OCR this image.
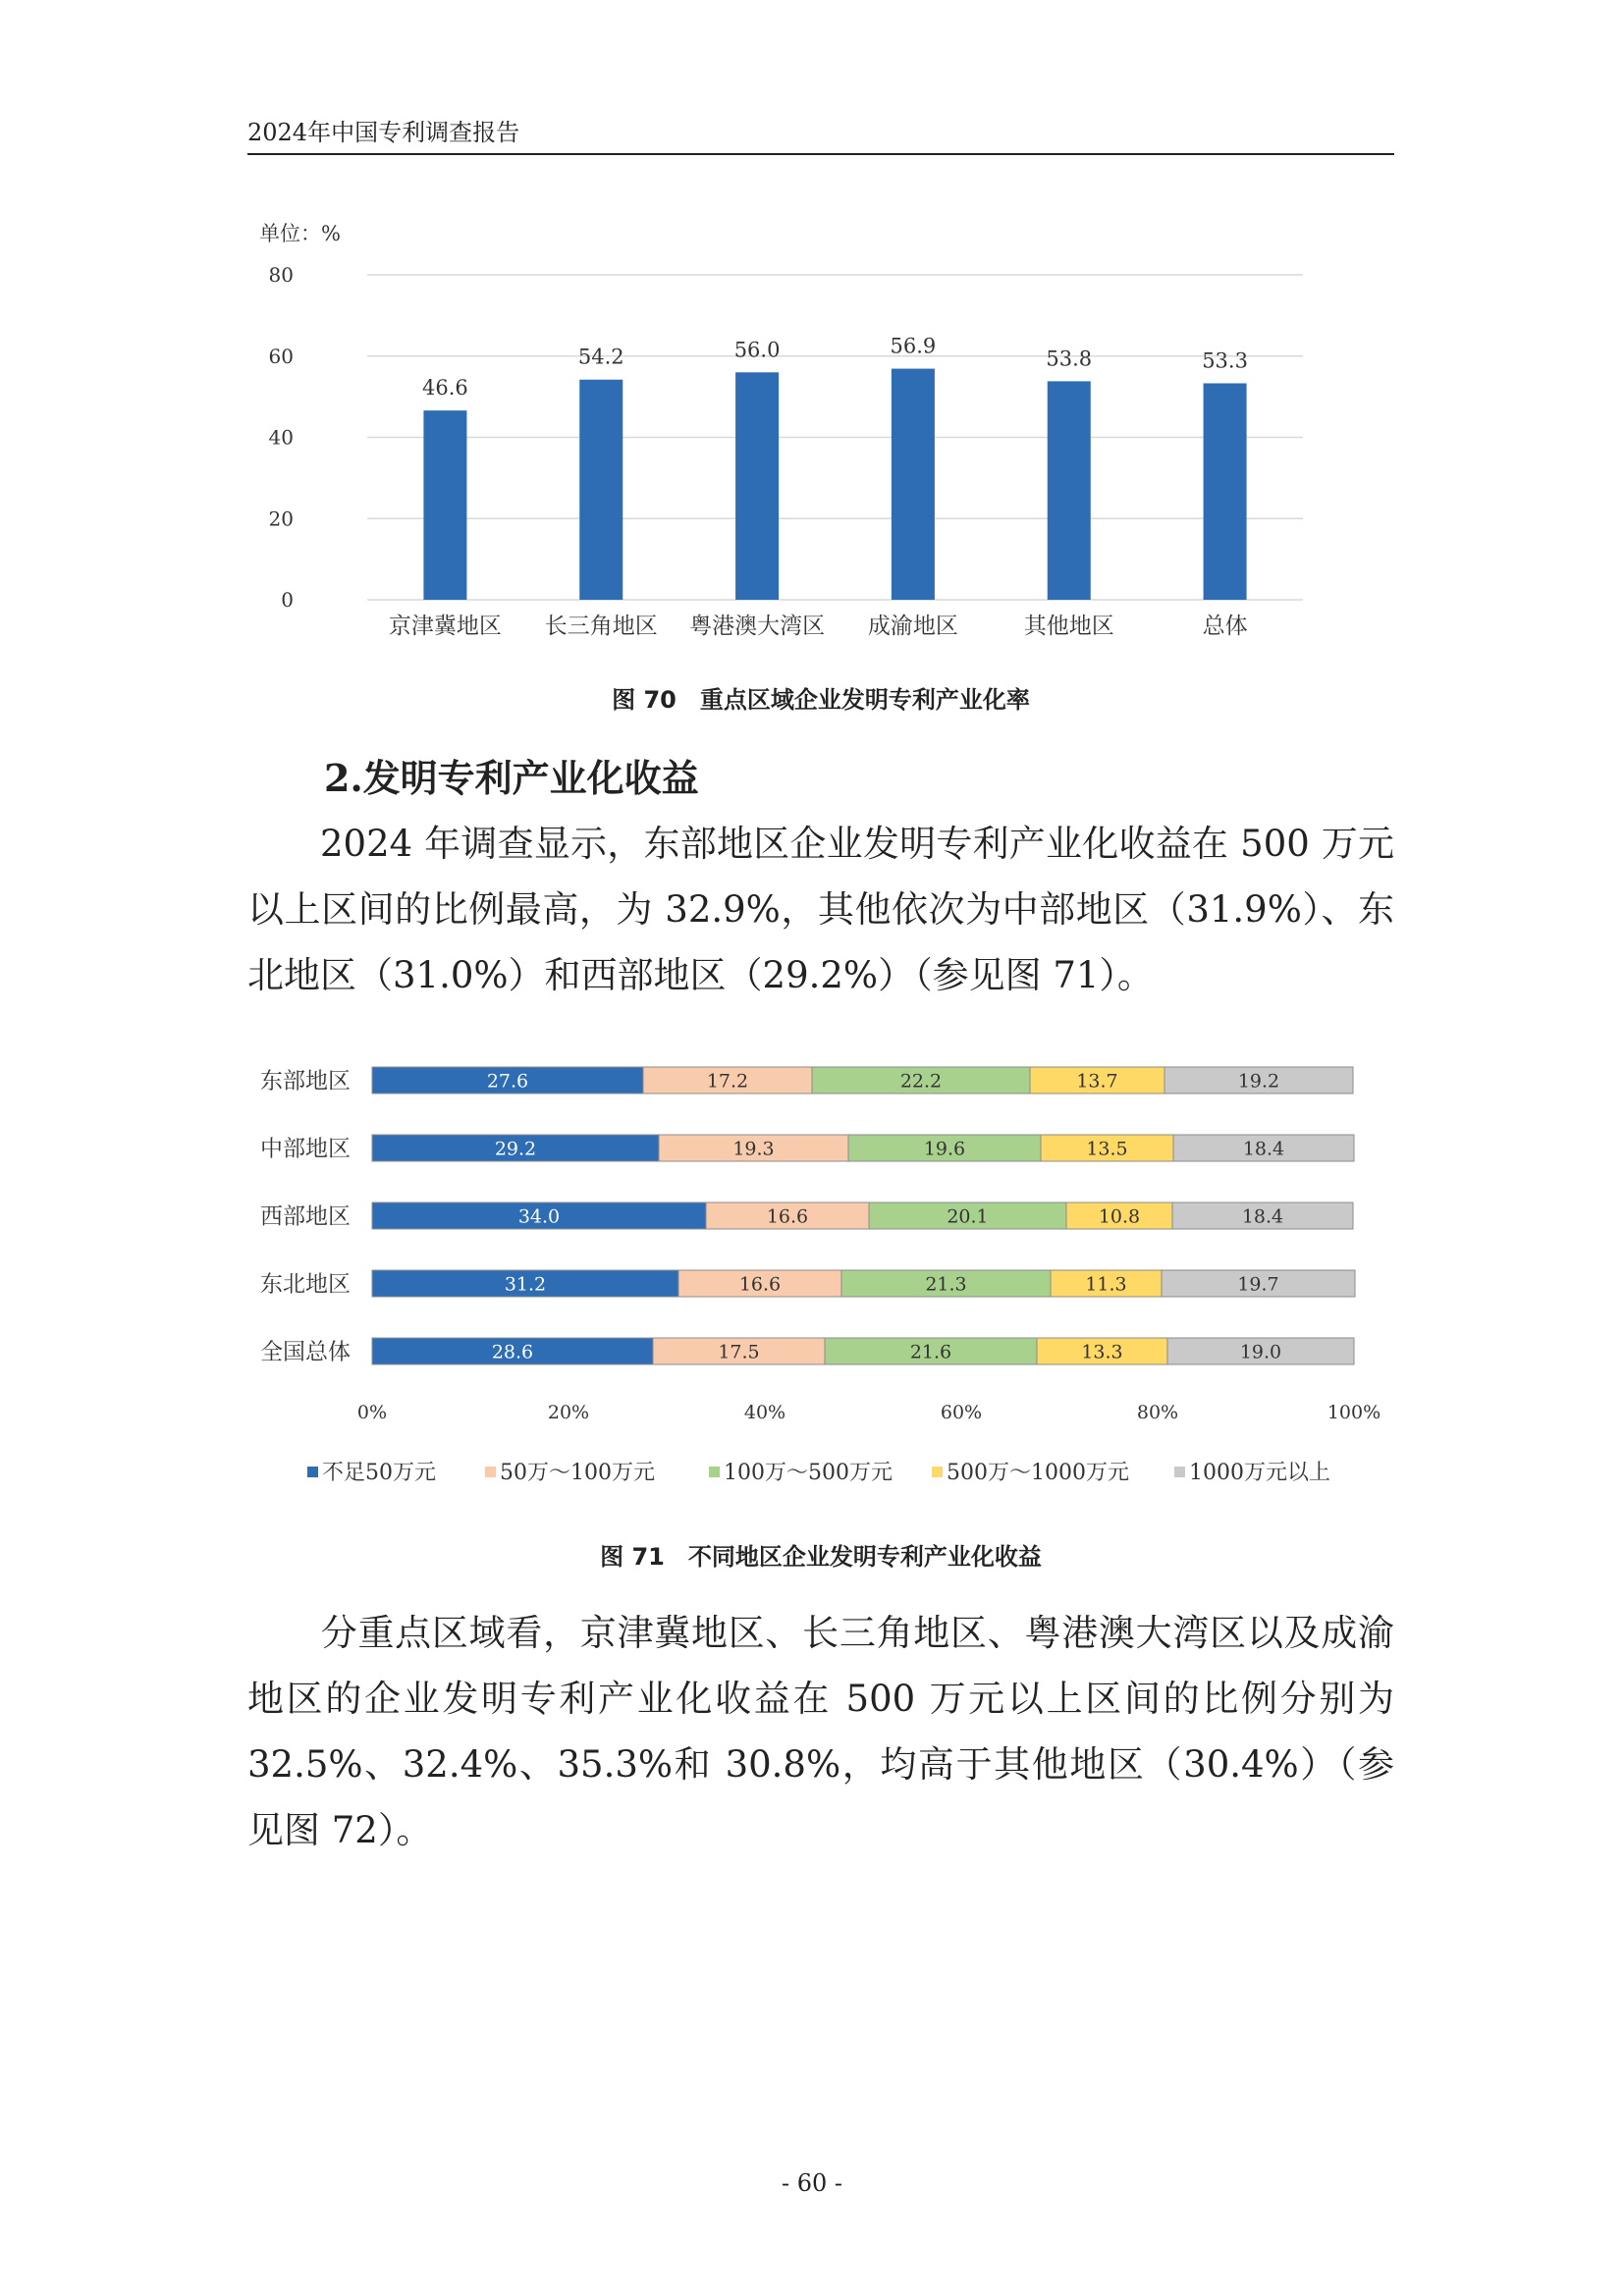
2024年中国专利调查报告
单位：%
0
20
40
60
80
46.6
京津冀地区
54.2
长三角地区
56.0
粤港澳大湾区
56.9
成渝地区
53.8
其他地区
53.3
总体
图 70　重点区域企业发明专利产业化率
2.发明专利产业化收益
2024 年调查显示，东部地区企业发明专利产业化收益在 500 万元以上区间的比例最高，为 32.9%，其他依次为中部地区（31.9%）、东北地区（31.0%）和西部地区（29.2%）（参见图 71）。
东部地区	27.6	17.2	22.2	13.7	19.2
中部地区	29.2	19.3	19.6	13.5	18.4
西部地区	34.0	16.6	20.1	10.8	18.4
东北地区	31.2	16.6	21.3	11.3	19.7
全国总体	28.6	17.5	21.6	13.3	19.0
0%	20%	40%	60%	80%	100%
不足50万元	50万～100万元	100万～500万元	500万～1000万元	1000万元以上
图 71　不同地区企业发明专利产业化收益
分重点区域看，京津冀地区、长三角地区、粤港澳大湾区以及成渝地区的企业发明专利产业化收益在 500 万元以上区间的比例分别为 32.5%、32.4%、35.3%和 30.8%，均高于其他地区（30.4%）（参见图 72）。
- 60 -
